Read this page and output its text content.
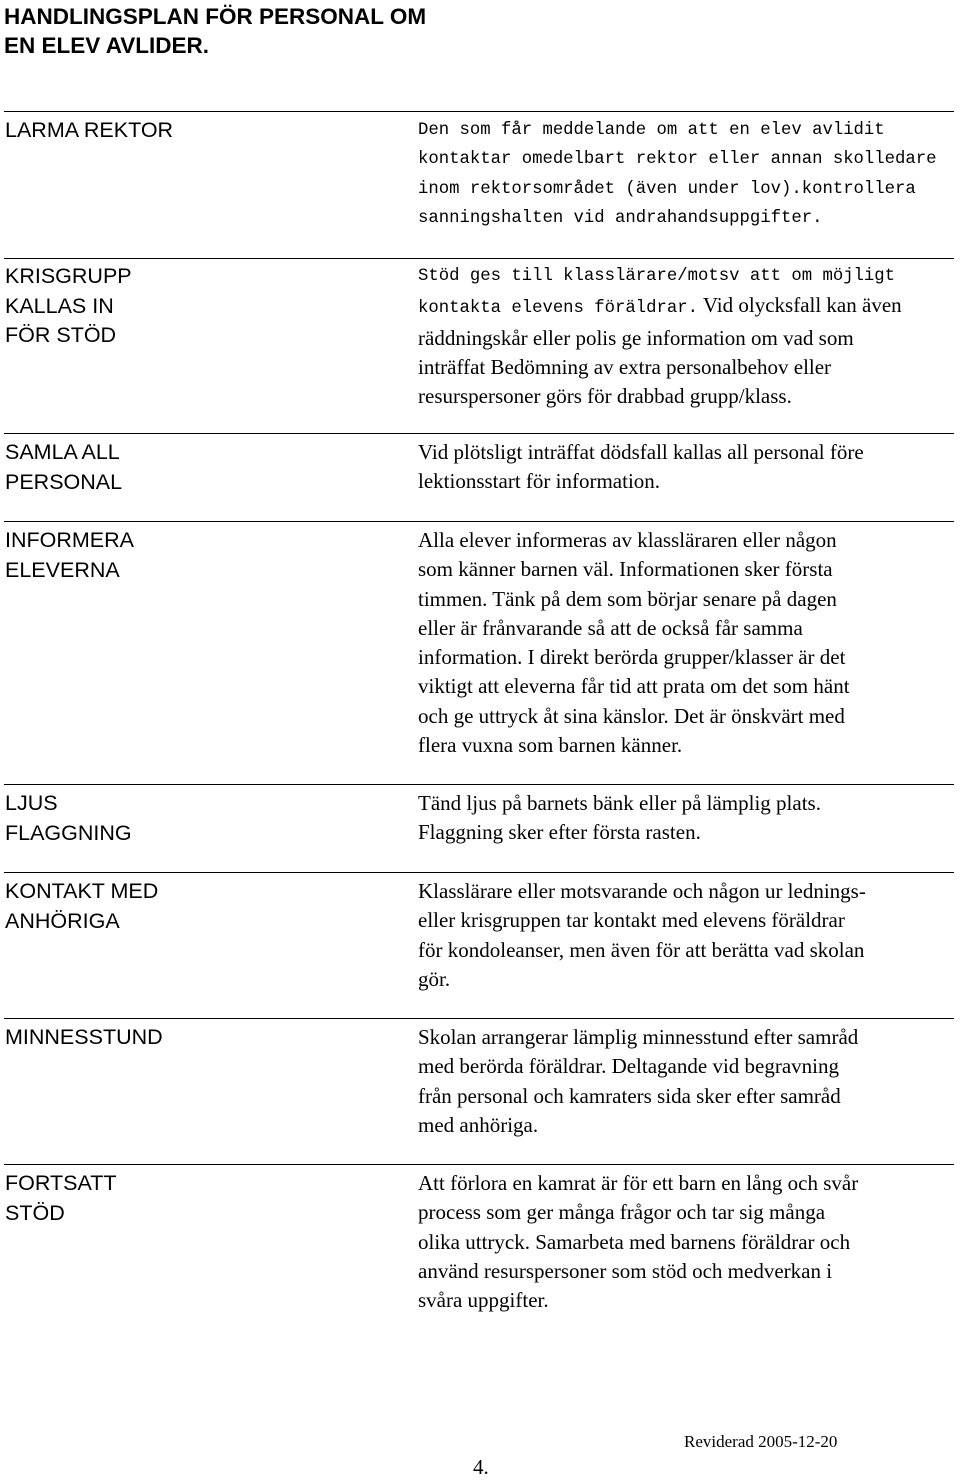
HANDLINGSPLAN FÖR PERSONAL OM
EN ELEV AVLIDER.
LARMA REKTOR	Den som får meddelande om att en elev avlidit
kontaktar omedelbart rektor eller annan skolledare
inom rektorsområdet (även under lov).kontrollera
sanningshalten vid andrahandsuppgifter.
KRISGRUPP
KALLAS IN
FÖR STÖD
Stöd ges till klasslärare/motsv att om möjligt
kontakta elevens föräldrar. Vid olycksfall kan även
räddningskår eller polis ge information om vad som
inträffat Bedömning av extra personalbehov eller
resurspersoner görs för drabbad grupp/klass.
SAMLA ALL
PERSONAL
Vid plötsligt inträffat dödsfall kallas all personal före
lektionsstart för information.
INFORMERA
ELEVERNA
Alla elever informeras av klassläraren eller någon
som känner barnen väl. Informationen sker första
timmen. Tänk på dem som börjar senare på dagen
eller är frånvarande så att de också får samma
information. I direkt berörda grupper/klasser är det
viktigt att eleverna får tid att prata om det som hänt
och ge uttryck åt sina känslor. Det är önskvärt med
flera vuxna som barnen känner.
LJUS
FLAGGNING
Tänd ljus på barnets bänk eller på lämplig plats.
Flaggning sker efter första rasten.
KONTAKT MED
ANHÖRIGA
Klasslärare eller motsvarande och någon ur lednings-
eller krisgruppen tar kontakt med elevens föräldrar
för kondoleanser, men även för att berätta vad skolan
gör.
MINNESSTUND	Skolan arrangerar lämplig minnesstund efter samråd
med berörda föräldrar. Deltagande vid begravning
från personal och kamraters sida sker efter samråd
med anhöriga.
FORTSATT
STÖD
Att förlora en kamrat är för ett barn en lång och svår
process som ger många frågor och tar sig många
olika uttryck. Samarbeta med barnens föräldrar och
använd resurspersoner som stöd och medverkan i
svåra uppgifter.
4.
Reviderad 2005-12-20
